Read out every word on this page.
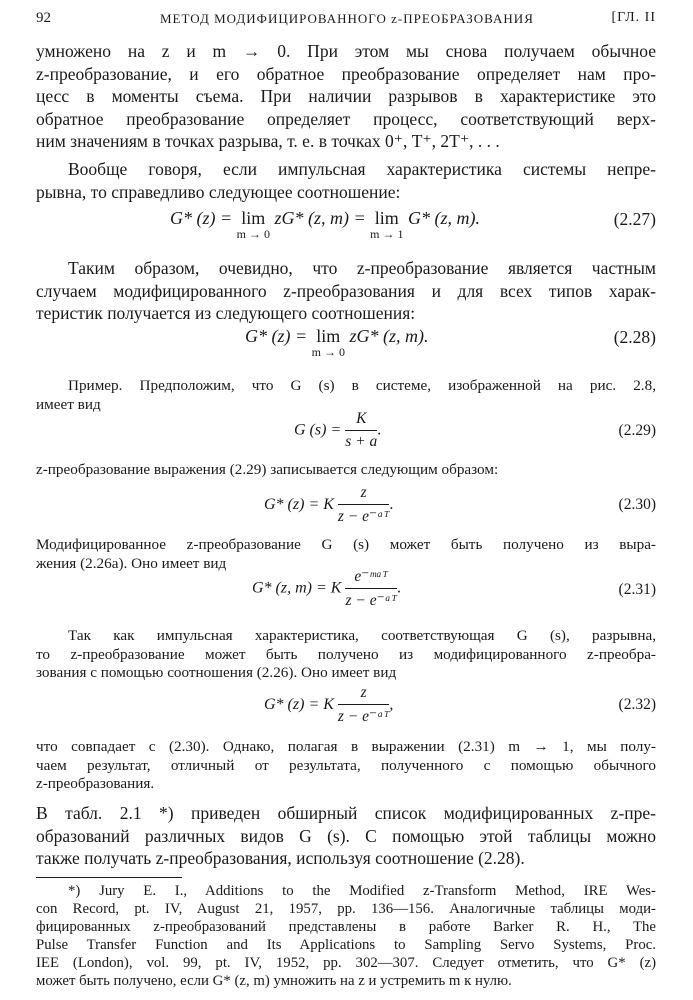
92	МЕТОД МОДИФИЦИРОВАННОГО z-ПРЕОБРАЗОВАНИЯ	[ГЛ. II
умножено на z и m → 0. При этом мы снова получаем обычное
z-преобразование, и его обратное преобразование определяет нам про-
цесс в моменты съема. При наличии разрывов в характеристике это
обратное преобразование определяет процесс, соответствующий верх-
ним значениям в точках разрыва, т. е. в точках 0⁺, T⁺, 2T⁺, . . .
Вообще говоря, если импульсная характеристика системы непре-
рывна, то справедливо следующее соотношение:
G* (z) = lim
m → 0
zG* (z, m) = lim
m → 1
G* (z, m).	(2.27)
Таким образом, очевидно, что z-преобразование является частным
случаем модифицированного z-преобразования и для всех типов харак-
теристик получается из следующего соотношения:
G* (z) = lim
m → 0
zG* (z, m).	(2.28)
Пример. Предположим, что G (s) в системе, изображенной на рис. 2.8,
имеет вид
G $(s) = \frac{K}{s + a}$ .	(2.29)
z-преобразование выражения (2.29) записывается следующим образом:
G* (z) = K $\frac{z}{\text{z − e⁻ᵃᵀ}}$ .	(2.30)
Модифицированное z-преобразование G (s) может быть получено из выра-
жения (2.26а). Оно имеет вид
G* (z, m) = K $\frac{\text{e⁻ᵐᵃᵀ}}{\text{z − e⁻ᵃᵀ}}$ .	(2.31)
Так как импульсная характеристика, соответствующая G (s), разрывна,
то z-преобразование может быть получено из модифицированного z-преобра-
зования с помощью соотношения (2.26). Оно имеет вид
G* (z) = K $\frac{z}{\text{z − e⁻ᵃᵀ}}$ ,	(2.32)
что совпадает с (2.30). Однако, полагая в выражении (2.31) m → 1, мы полу-
чаем результат, отличный от результата, полученного с помощью обычного
z-преобразования.
В табл. 2.1 *) приведен обширный список модифицированных z-пре-
образований различных видов G (s). С помощью этой таблицы можно
также получать z-преобразования, используя соотношение (2.28).
*) Jury E. I., Additions to the Modified z-Transform Method, IRE Wes-
con Record, pt. IV, August 21, 1957, pp. 136—156. Аналогичные таблицы моди-
фицированных z-преобразований представлены в работе Barker R. H., The
Pulse Transfer Function and Its Applications to Sampling Servo Systems, Proc.
IEE (London), vol. 99, pt. IV, 1952, pp. 302—307. Следует отметить, что G* (z)
может быть получено, если G* (z, m) умножить на z и устремить m к нулю.
